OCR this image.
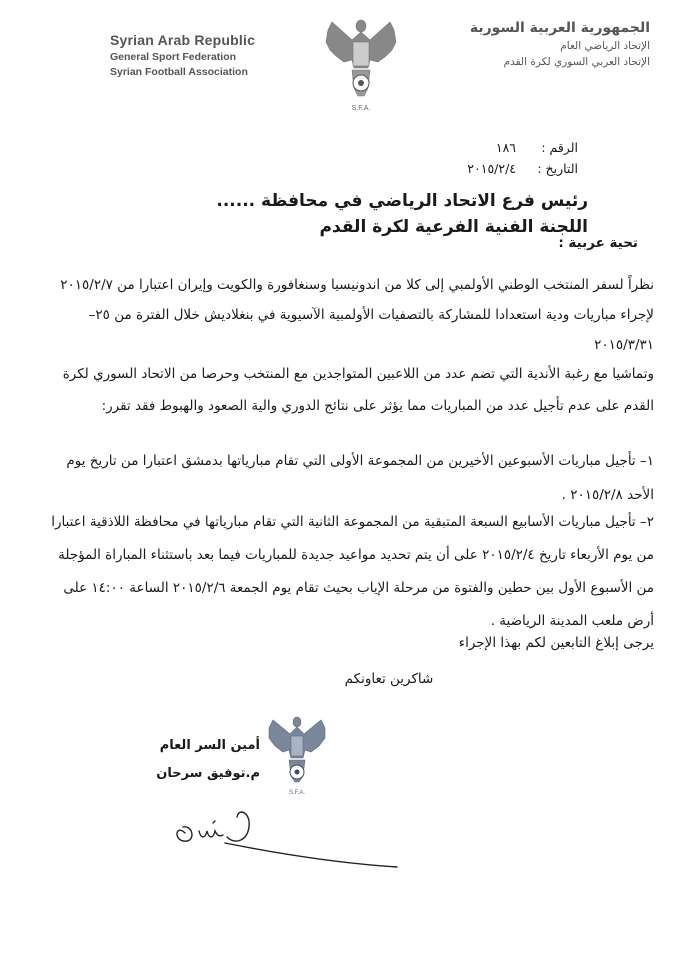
Syrian Arab Republic
General Sport Federation
Syrian Football Association
S.F.A.
الجمهورية العربية السورية
الإتحاد الرياضي العام
الإتحاد العربي السوري لكرة القدم
الرقم : ١٨٦
التاريخ : ٢٠١٥/٢/٤
رئيس فرع الاتحاد الرياضي في محافظة ......
اللجنة الفنية الفرعية لكرة القدم
تحية عربية :
نظراً لسفر المنتخب الوطني الأولمبي إلى كلا من اندونيسيا وسنغافورة والكويت وإيران اعتبارا من ٢٠١٥/٢/٧ لإجراء مباريات ودية استعدادا للمشاركة بالتصفيات الأولمبية الآسيوية في بنغلاديش خلال الفترة من ٢٥– ٢٠١٥/٣/٣١
وتماشيا مع رغبة الأندية التي تضم عدد من اللاعبين المتواجدين مع المنتخب وحرصا من الاتحاد السوري لكرة القدم على عدم تأجيل عدد من المباريات مما يؤثر على نتائج الدوري والية الصعود والهبوط فقد تقرر:
١– تأجيل مباريات الأسبوعين الأخيرين من المجموعة الأولى التي تقام مبارياتها بدمشق اعتبارا من تاريخ يوم الأحد ٢٠١٥/٢/٨ .
٢– تأجيل مباريات الأسابيع السبعة المتبقية من المجموعة الثانية التي تقام مبارياتها في محافظة اللاذقية اعتبارا من يوم الأربعاء تاريخ ٢٠١٥/٢/٤ على أن يتم تحديد مواعيد جديدة للمباريات فيما بعد باستثناء المباراة المؤجلة من الأسبوع الأول بين حطين والفتوة من مرحلة الإياب بحيث تقام يوم الجمعة ٢٠١٥/٢/٦ الساعة ١٤:٠٠ على أرض ملعب المدينة الرياضية .
يرجى إبلاغ التابعين لكم بهذا الإجراء
شاكرين تعاونكم
أمين السر العام
م.توفيق سرحان
S.F.A.
